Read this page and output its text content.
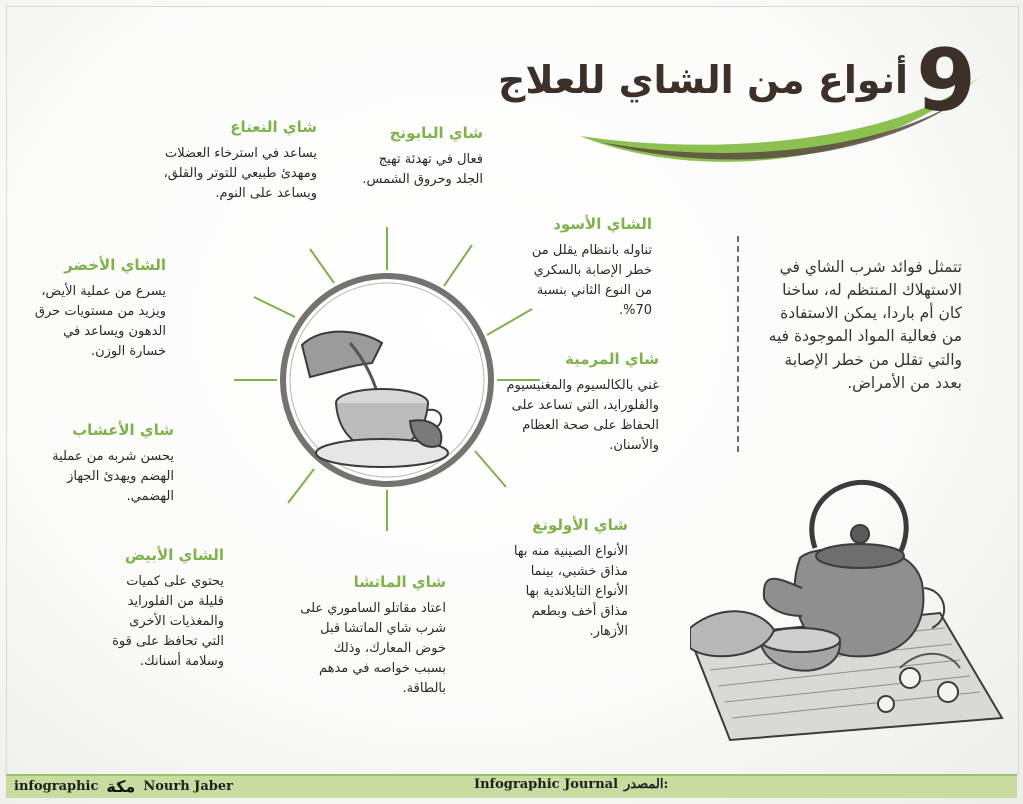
9
أنواع من الشاي للعلاج

تتمثل فوائد شرب الشاي في الاستهلاك المنتظم له، ساخنا كان أم باردا، يمكن الاستفادة من فعالية المواد الموجودة فيه والتي تقلل من خطر الإصابة بعدد من الأمراض.

شاي النعناع

يساعد في استرخاء العضلات ومهدئ طبيعي للتوتر والقلق، ويساعد على النوم.

شاي البابونج

فعال في تهدئة تهيج الجلد وحروق الشمس.

الشاي الأسود

تناوله بانتظام يقلل من خطر الإصابة بالسكري من النوع الثاني بنسبة 70%.

الشاي الأخضر

يسرع من عملية الأيض، ويزيد من مستويات حرق الدهون ويساعد في خسارة الوزن.	شاي المرمية

غني بالكالسيوم والمغنيسيوم والفلورايد، التي تساعد على الحفاظ على صحة العظام والأسنان.

شاي الأعشاب

يحسن شربه من عملية الهضم ويهدئ الجهاز الهضمي.

شاي الأولونغ

الأنواع الصينية منه بها مذاق خشبي، بينما الأنواع التايلاندية بها مذاق أخف وبطعم الأزهار.

الشاي الأبيض

يحتوي على كميات قليلة من الفلورايد والمغذيات الأخرى التي تحافظ على قوة وسلامة أسنانك.

شاي الماتشا

اعتاد مقاتلو الساموري على شرب شاي الماتشا قبل خوض المعارك، وذلك بسبب خواصه في مدهم بالطاقة.

infographic مكة Nourh Jaber	Infographic Journal المصدر:
